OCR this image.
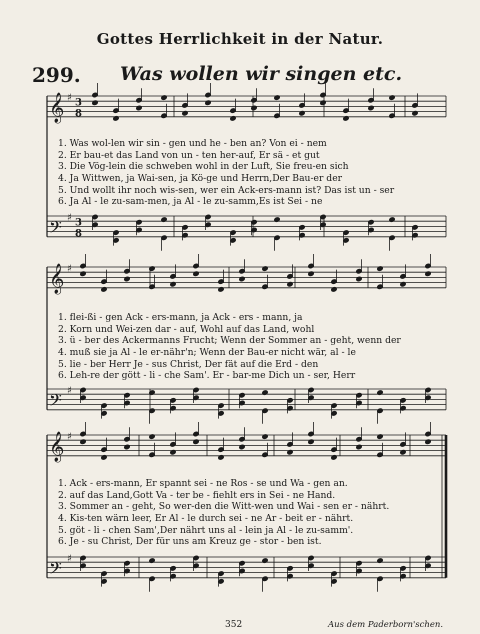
Gottes Herrlichkeit in der Natur.
299. Was wollen wir singen etc.
𝄞 ♯ 3
8
𝄢 ♯ 3
8
𝄞 ♯
𝄢 ♯
𝄞 ♯
𝄢 ♯
1. Was wol-len wir sin - gen und he - ben an? Von ei - nem
2. Er bau-et das Land von un - ten her-auf, Er sä - et gut
3. Die Vög-lein die schweben wohl in der Luft, Sie freu-en sich
4. Ja Wittwen, ja Wai-sen, ja Kö-ge und Herrn,Der Bau-er der
5. Und wollt ihr noch wis-sen, wer ein Ack-ers-mann ist? Das ist un - ser
6. Ja Al - le zu-sam-men, ja Al - le zu-samm,Es ist Sei - ne
1. flei-ßi - gen Ack - ers-mann, ja Ack - ers - mann, ja
2. Korn und Wei-zen dar - auf, Wohl auf das Land, wohl
3. ü - ber des Ackermanns Frucht; Wenn der Sommer an - geht, wenn der
4. muß sie ja Al - le er-nähr'n; Wenn der Bau-er nicht wär, al - le
5. lie - ber Herr Je - sus Christ, Der fät auf die Erd - den
6. Leh-re der gött - li - che Sam'. Er - bar-me Dich un - ser, Herr
1. Ack - ers-mann, Er spannt sei - ne Ros - se und Wa - gen an.
2. auf das Land,Gott Va - ter be - fiehlt ers in Sei - ne Hand.
3. Sommer an - geht, So wer-den die Witt-wen und Wai - sen er - nährt.
4. Kis-ten wärn leer, Er Al - le durch sei - ne Ar - beit er - nährt.
5. göt - li - chen Sam',Der nährt uns al - lein ja Al - le zu-samm'.
6. Je - su Christ, Der für uns am Kreuz ge - stor - ben ist.
352	Aus dem Paderborn'schen.
